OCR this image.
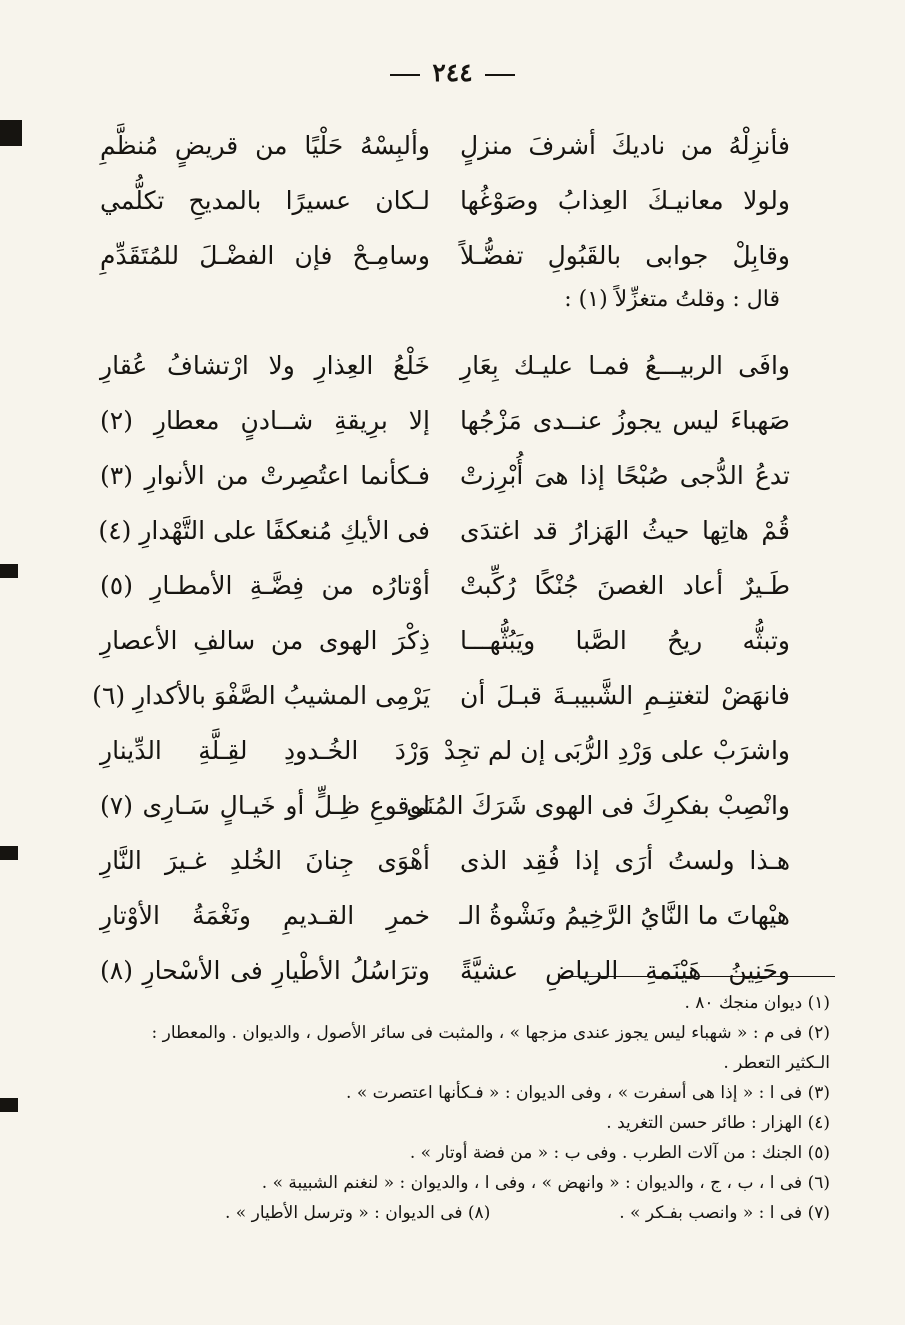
٢٤٤
فأنزِلْهُ من ناديكَ أشرفَ منزلٍ
وألبِسْهُ حَلْيًا من قريضٍ مُنظَّمِ
ولولا معانيـكَ العِذابُ وصَوْغُها
لـكان عسيرًا بالمديحِ تكلُّمي
وقابِلْ جوابى بالقَبُولِ تفضُّـلاً
وسامِـحْ فإن الفضْـلَ للمُتَقَدِّمِ
قال : وقلتُ متغزِّلاً (١) :
وافَى الربيـــعُ فمـا عليـك بِعَارِ
خَلْعُ العِذارِ ولا ارْتشافُ عُقارِ
صَهباءَ ليس يجوزُ عنــدى مَزْجُها
إلا برِيقةِ شــادنٍ معطارِ (٢)
تدعُ الدُّجى صُبْحًا إذا هىَ أُبْرِزتْ
فـكأنما اعتُصِرتْ من الأنوارِ (٣)
قُمْ هاتِها حيثُ الهَزارُ قد اغتدَى
فى الأيكِ مُنعكفًا على التَّهْدارِ (٤)
طَـيرٌ أعاد الغصنَ جُنْكًا رُكِّبتْ
أوْتارُه من فِضَّـةِ الأمطـارِ (٥)
وتبثُّه ريحُ الصَّبا ويَبُثُّهـــا
ذِكْرَ الهوى من سالفِ الأعصارِ
فانهَضْ لتغتنِـمِ الشَّبيبـةَ قبـلَ أن
يَرْمِى المشيبُ الصَّفْوَ بالأكدارِ (٦)
واشرَبْ على وَرْدِ الرُّبَى إن لم تجِدْ
وَرْدَ الخُـدودِ لقِـلَّةِ الدِّينارِ
وانْصِبْ بفكرِكَ فى الهوى شَرَكَ المُنَى
لوقوعِ ظِـلٍّ أو خَيـالٍ سَـارِى (٧)
هـذا ولستُ أرَى إذا فُقِد الذى
أهْوَى جِنانَ الخُلدِ غـيرَ النَّارِ
هيْهاتَ ما النَّايُ الرَّخِيمُ ونَشْوةُ الـ
خمرِ القـديمِ ونَغْمَةُ الأوْتارِ
وحَنِينُ هَيْنَمةِ الرياضِ عشيَّةً
وترَاسُلُ الأطْيارِ فى الأسْحارِ (٨)
(١) ديوان منجك ٨٠ .
(٢) فى م : « شهباء ليس يجوز عندى مزجها » ، والمثبت فى سائر الأصول ، والديوان . والمعطار : الـكثير التعطر .
(٣) فى ا : « إذا هى أسفرت » ، وفى الديوان : « فـكأنها اعتصرت » .
(٤) الهزار : طائر حسن التغريد .
(٥) الجنك : من آلات الطرب . وفى ب : « من فضة أوتار » .
(٦) فى ا ، ب ، ج ، والديوان : « وانهض » ، وفى ا ، والديوان : « لنغنم الشبيبة » .
(٧) فى ا : « وانصب بفـكر » .
(٨) فى الديوان : « وترسل الأطيار » .
